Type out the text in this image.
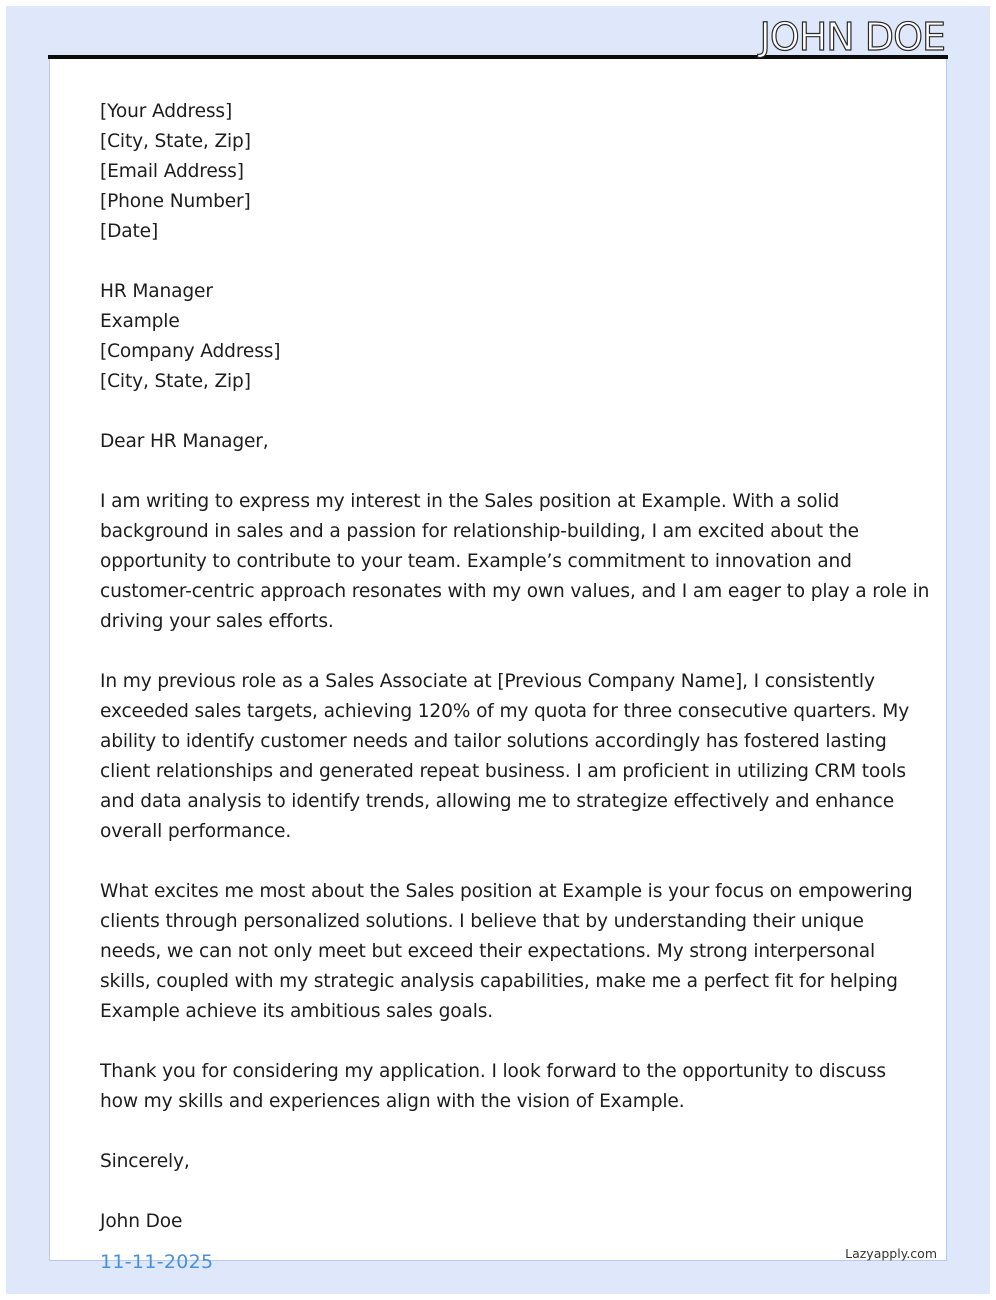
JOHN DOE
[Your Address]
[City, State, Zip]
[Email Address]
[Phone Number]
[Date]
HR Manager
Example
[Company Address]
[City, State, Zip]
Dear HR Manager,
I am writing to express my interest in the Sales position at Example. With a solid
background in sales and a passion for relationship-building, I am excited about the
opportunity to contribute to your team. Example’s commitment to innovation and
customer-centric approach resonates with my own values, and I am eager to play a role in
driving your sales efforts.
In my previous role as a Sales Associate at [Previous Company Name], I consistently
exceeded sales targets, achieving 120% of my quota for three consecutive quarters. My
ability to identify customer needs and tailor solutions accordingly has fostered lasting
client relationships and generated repeat business. I am proficient in utilizing CRM tools
and data analysis to identify trends, allowing me to strategize effectively and enhance
overall performance.
What excites me most about the Sales position at Example is your focus on empowering
clients through personalized solutions. I believe that by understanding their unique
needs, we can not only meet but exceed their expectations. My strong interpersonal
skills, coupled with my strategic analysis capabilities, make me a perfect fit for helping
Example achieve its ambitious sales goals.
Thank you for considering my application. I look forward to the opportunity to discuss
how my skills and experiences align with the vision of Example.
Sincerely,
John Doe
11-11-2025	Lazyapply.com
